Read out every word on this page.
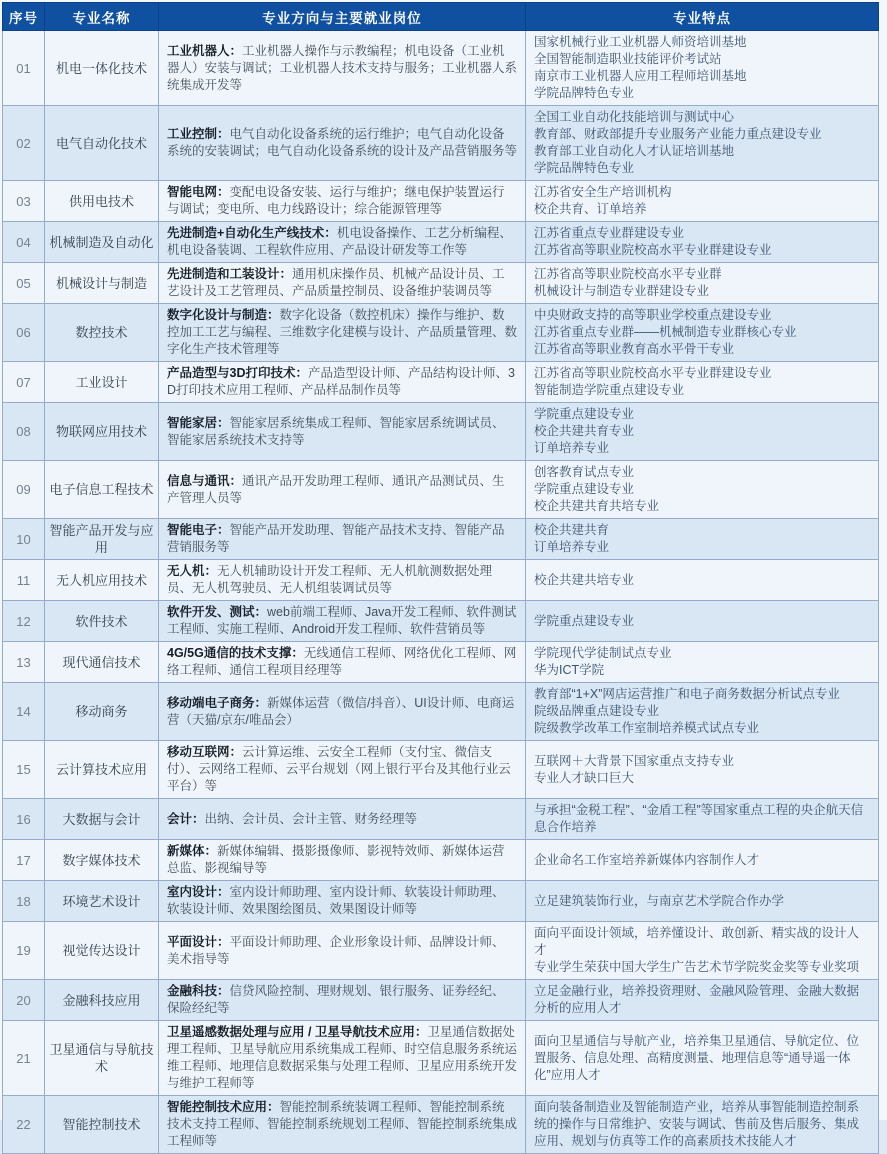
序号	专业名称	专业方向与主要就业岗位	专业特点
01	机电一体化技术	工业机器人：工业机器人操作与示教编程；机电设备（工业机器人）安装与调试；工业机器人技术支持与服务；工业机器人系统集成开发等	国家机械行业工业机器人师资培训基地
全国智能制造职业技能评价考试站
南京市工业机器人应用工程师培训基地
学院品牌特色专业

02	电气自动化技术	工业控制：电气自动化设备系统的运行维护；电气自动化设备系统的安装调试；电气自动化设备系统的设计及产品营销服务等	全国工业自动化技能培训与测试中心
教育部、财政部提升专业服务产业能力重点建设专业
教育部工业自动化人才认证培训基地
学院品牌特色专业

03	供用电技术	智能电网：变配电设备安装、运行与维护；继电保护装置运行与调试；变电所、电力线路设计；综合能源管理等	江苏省安全生产培训机构
校企共育、订单培养

04	机械制造及自动化	先进制造+自动化生产线技术：机电设备操作、工艺分析编程、机电设备装调、工程软件应用、产品设计研发等工作等	江苏省重点专业群建设专业
江苏省高等职业院校高水平专业群建设专业

05	机械设计与制造	先进制造和工装设计：通用机床操作员、机械产品设计员、工艺设计及工艺管理员、产品质量控制员、设备维护装调员等	江苏省高等职业院校高水平专业群
机械设计与制造专业群建设专业

06	数控技术	数字化设计与制造：数字化设备（数控机床）操作与维护、数控加工工艺与编程、三维数字化建模与设计、产品质量管理、数字化生产技术管理等	中央财政支持的高等职业学校重点建设专业
江苏省重点专业群——机械制造专业群核心专业
江苏省高等职业教育高水平骨干专业

07	工业设计	产品造型与3D打印技术：产品造型设计师、产品结构设计师、3D打印技术应用工程师、产品样品制作员等	江苏省高等职业院校高水平专业群建设专业
智能制造学院重点建设专业

08	物联网应用技术	智能家居：智能家居系统集成工程师、智能家居系统调试员、智能家居系统技术支持等	学院重点建设专业
校企共建共育专业
订单培养专业

09	电子信息工程技术	信息与通讯：通讯产品开发助理工程师、通讯产品测试员、生产管理人员等	创客教育试点专业
学院重点建设专业
校企共建共育共培专业

10	智能产品开发与应用	智能电子：智能产品开发助理、智能产品技术支持、智能产品营销服务等	校企共建共育
订单培养专业

11	无人机应用技术	无人机：无人机辅助设计开发工程师、无人机航测数据处理员、无人机驾驶员、无人机组装调试员等	校企共建共培专业

12	软件技术	软件开发、测试：web前端工程师、Java开发工程师、软件测试工程师、实施工程师、Android开发工程师、软件营销员等	学院重点建设专业

13	现代通信技术	4G/5G通信的技术支撑：无线通信工程师、网络优化工程师、网络工程师、通信工程项目经理等	学院现代学徒制试点专业
华为ICT学院

14	移动商务	移动端电子商务：新媒体运营（微信/抖音）、UI设计师、电商运营（天猫/京东/唯品会）	教育部“1+X”网店运营推广和电子商务数据分析试点专业
院级品牌重点建设专业
院级教学改革工作室制培养模式试点专业

15	云计算技术应用	移动互联网：云计算运维、云安全工程师（支付宝、微信支付）、云网络工程师、云平台规划（网上银行平台及其他行业云平台）等	互联网＋大背景下国家重点支持专业
专业人才缺口巨大

16	大数据与会计	会计：出纳、会计员、会计主管、财务经理等	与承担“金税工程”、“金盾工程”等国家重点工程的央企航天信息合作培养

17	数字媒体技术	新媒体：新媒体编辑、摄影摄像师、影视特效师、新媒体运营总监、影视编导等	企业命名工作室培养新媒体内容制作人才

18	环境艺术设计	室内设计：室内设计师助理、室内设计师、软装设计师助理、软装设计师、效果图绘图员、效果图设计师等	立足建筑装饰行业，与南京艺术学院合作办学

19	视觉传达设计	平面设计：平面设计师助理、企业形象设计师、品牌设计师、美术指导等	面向平面设计领域，培养懂设计、敢创新、精实战的设计人才
专业学生荣获中国大学生广告艺术节学院奖金奖等专业奖项

20	金融科技应用	金融科技：信贷风险控制、理财规划、银行服务、证券经纪、保险经纪等	立足金融行业，培养投资理财、金融风险管理、金融大数据分析的应用人才

21	卫星通信与导航技术	卫星遥感数据处理与应用 / 卫星导航技术应用：卫星通信数据处理工程师、卫星导航应用系统集成工程师、时空信息服务系统运维工程师、地理信息数据采集与处理工程师、卫星应用系统开发与维护工程师等	面向卫星通信与导航产业，培养集卫星通信、导航定位、位置服务、信息处理、高精度测量、地理信息等“通导遥一体化”应用人才

22	智能控制技术	智能控制技术应用：智能控制系统装调工程师、智能控制系统技术支持工程师、智能控制系统规划工程师、智能控制系统集成工程师等	面向装备制造业及智能制造产业，培养从事智能制造控制系统的操作与日常维护、安装与调试、售前及售后服务、集成应用、规划与仿真等工作的高素质技术技能人才
